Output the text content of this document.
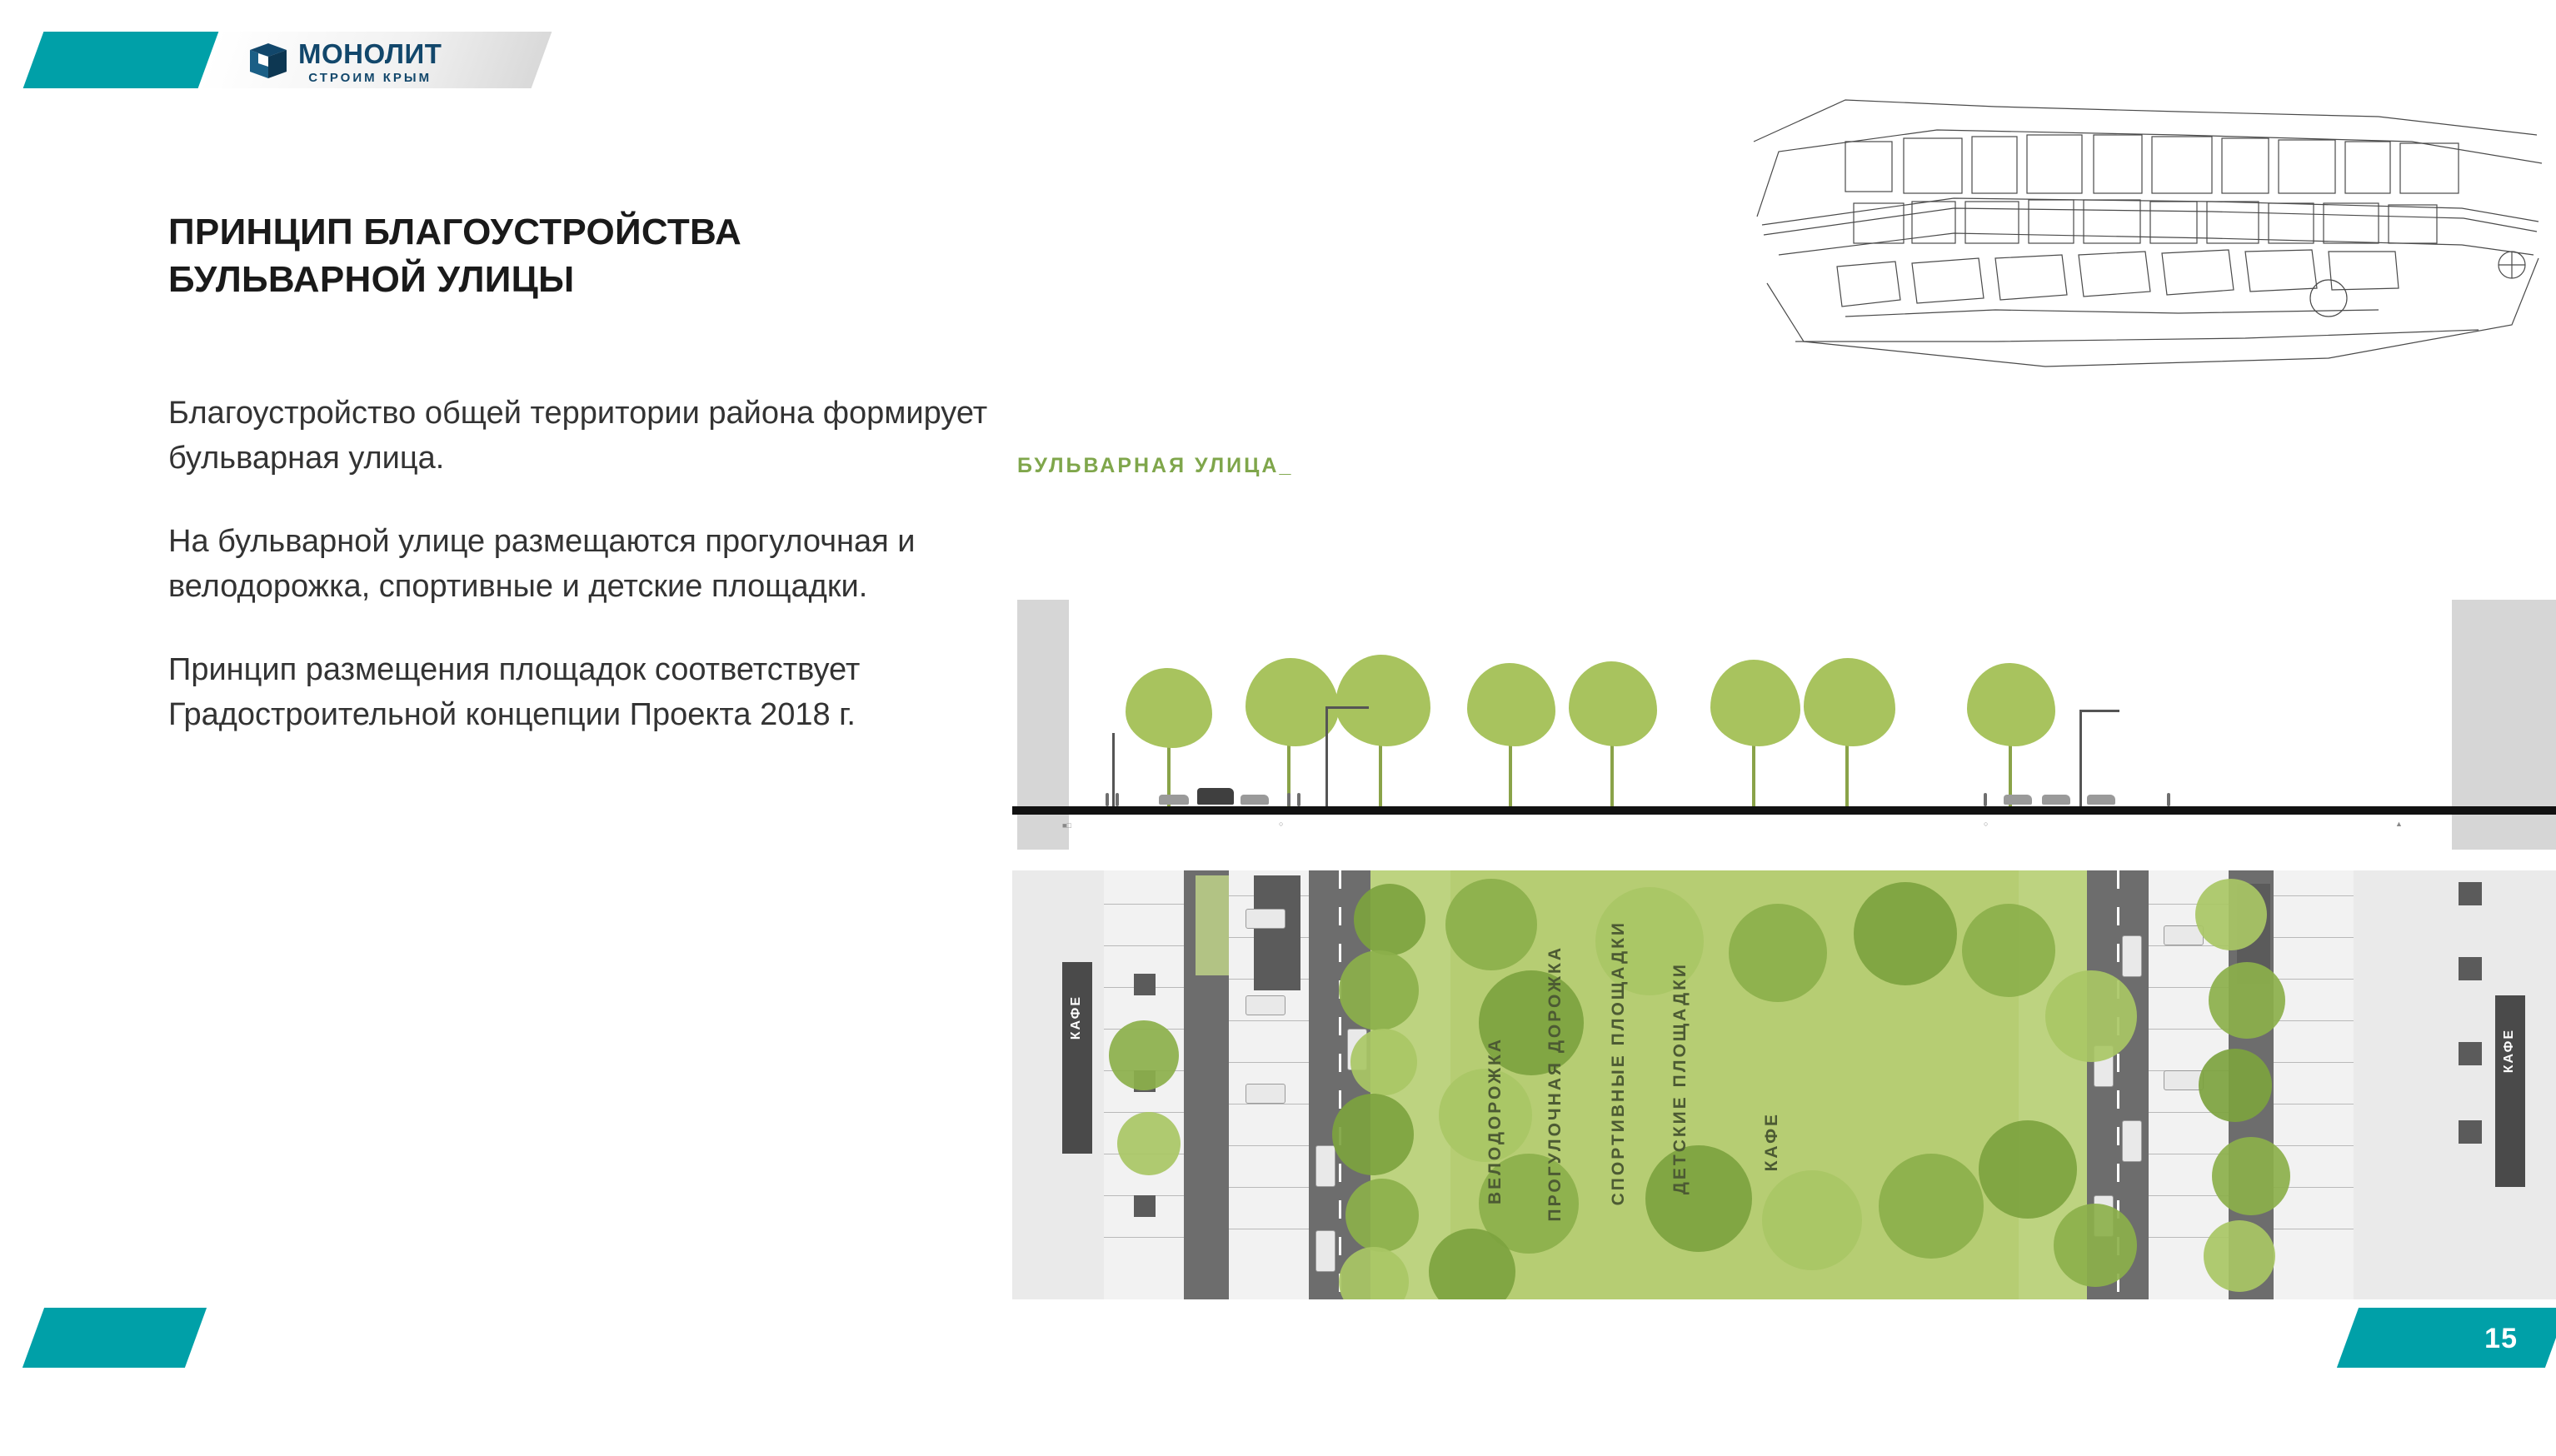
МОНОЛИТ
СТРОИМ КРЫМ
ПРИНЦИП БЛАГОУСТРОЙСТВА БУЛЬВАРНОЙ УЛИЦЫ

Благоустройство общей территории района формирует бульварная улица.

На бульварной улице размещаются прогулочная и велодорожка, спортивные и детские площадки.

Принцип размещения площадок соответствует Градостроительной концепции Проекта 2018 г.

БУЛЬВАРНАЯ УЛИЦА_
■□	○	○	▲
КАФЕ
КАФЕ
ВЕЛОДОРОЖКА ПРОГУЛОЧНАЯ ДОРОЖКА	СПОРТИВНЫЕ ПЛОЩАДКИ ДЕТСКИЕ ПЛОЩАДКИ	КАФЕ
15
